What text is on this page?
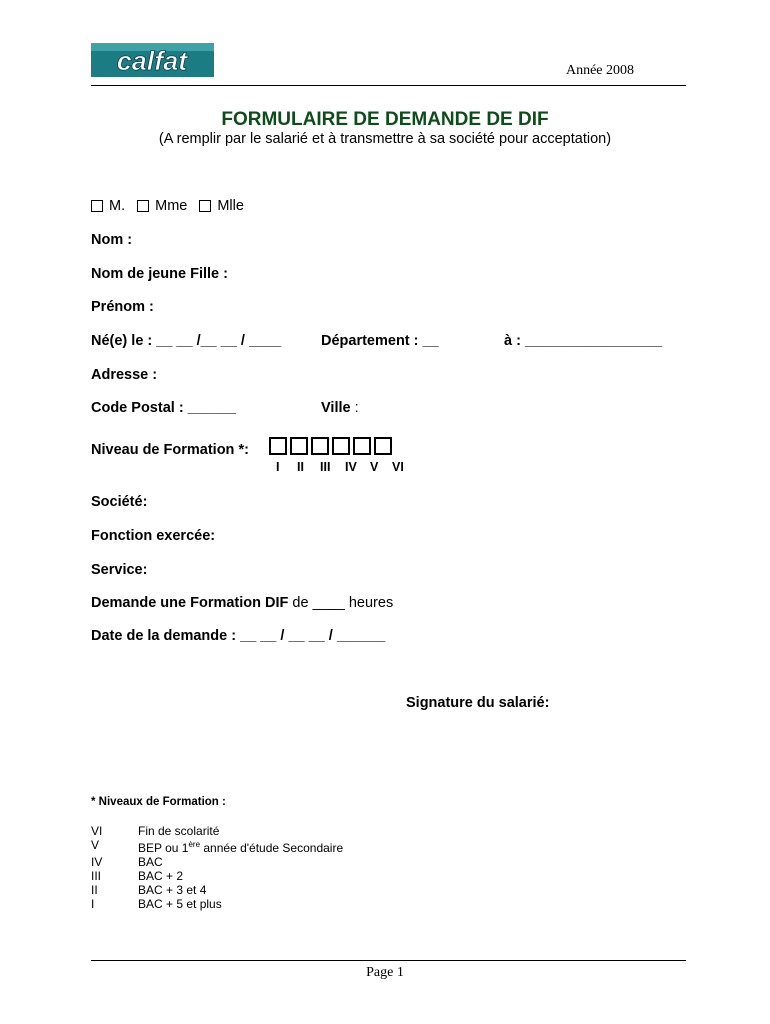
calfat	Année 2008
FORMULAIRE DE DEMANDE DE DIF
(A remplir par le salarié et à transmettre à sa société pour acceptation)
M. Mme Mlle
Nom :
Nom de jeune Fille :
Prénom :
Né(e) le : __ __ /__ __ / ____	Département : __	à : _________________
Adresse :
Code Postal : ______	Ville :
Niveau de Formation *:
I II III IV V VI
Société:
Fonction exercée:
Service:
Demande une Formation DIF de ____ heures
Date de la demande : __ __ / __ __ / ______
Signature du salarié:
* Niveaux de Formation :
VI	Fin de scolarité
V	BEP ou 1ère année d'étude Secondaire
IV	BAC
III	BAC + 2
II	BAC + 3 et 4
I	BAC + 5 et plus
Page 1
